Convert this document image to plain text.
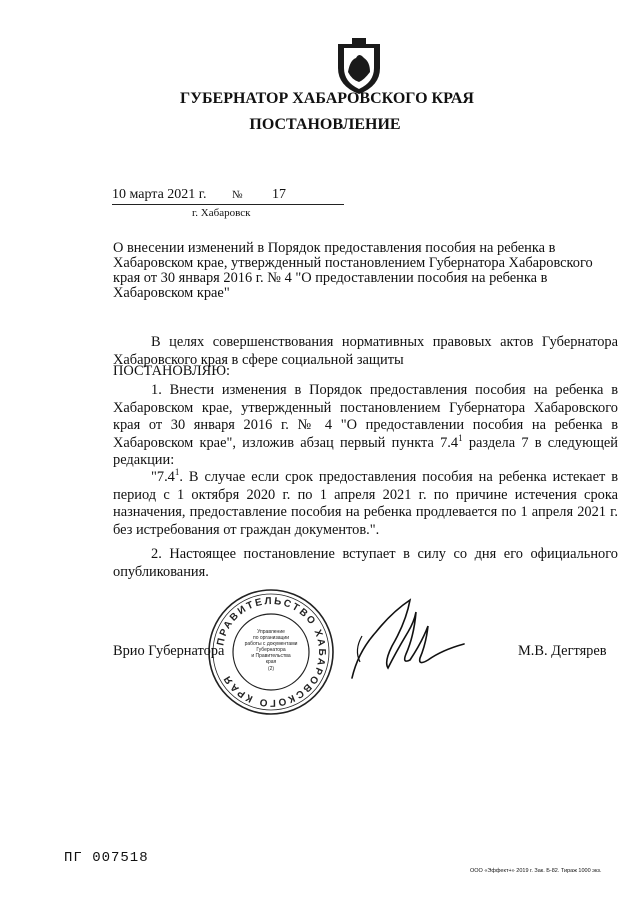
ГУБЕРНАТОР ХАБАРОВСКОГО КРАЯ
ПОСТАНОВЛЕНИЕ
10 марта 2021 г. № 17
г. Хабаровск
О внесении изменений в Порядок предоставления пособия на ребенка в Хабаровском крае, утвержденный постановлением Губернатора Хабаровского края от 30 января 2016 г. № 4 "О предоставлении пособия на ребенка в Хабаровском крае"
В целях совершенствования нормативных правовых актов Губернатора Хабаровского края в сфере социальной защиты
ПОСТАНОВЛЯЮ:
1. Внести изменения в Порядок предоставления пособия на ребенка в Хабаровском крае, утвержденный постановлением Губернатора Хабаровского края от 30 января 2016 г. № 4 "О предоставлении пособия на ребенка в Хабаровском крае", изложив абзац первый пункта $7.4^1$ раздела 7 в следующей редакции:
"$7.4^1$. В случае если срок предоставления пособия на ребенка истекает в период с 1 октября 2020 г. по 1 апреля 2021 г. по причине истечения срока назначения, предоставление пособия на ребенка продлевается по 1 апреля 2021 г. без истребования от граждан документов.".
2. Настоящее постановление вступает в силу со дня его официального опубликования.
ПРАВИТЕЛЬСТВО ХАБАРОВСКОГО КРАЯ
Управление
по организации
работы с документами
Губернатора
и Правительства
края
(2)
Врио Губернатора	М.В. Дегтярев
ПГ 007518
ООО «Эффект+» 2019 г. Зак. Б-82. Тираж 1000 экз.
